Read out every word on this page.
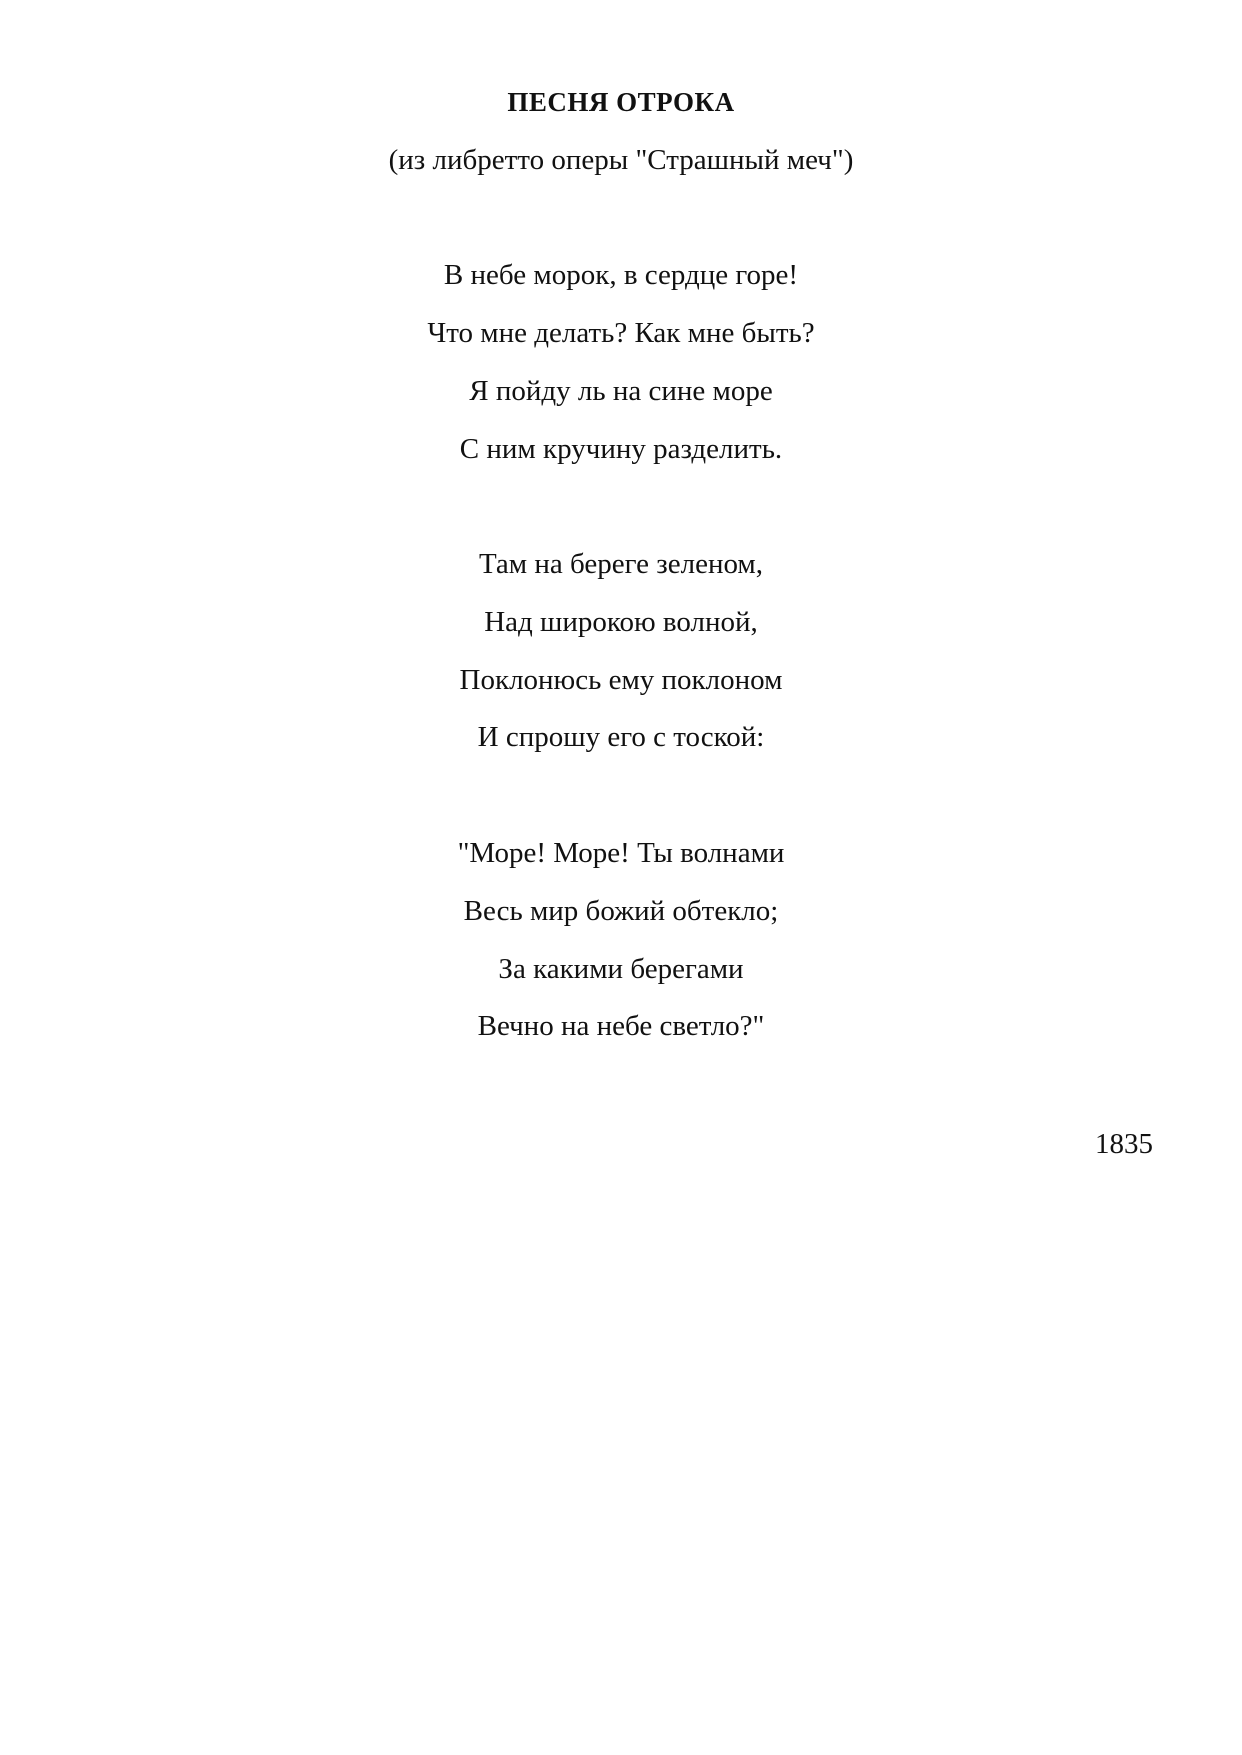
ПЕСНЯ ОТРОКА
(из либретто оперы "Страшный меч")
В небе морок, в сердце горе!
Что мне делать? Как мне быть?
Я пойду ль на сине море
С ним кручину разделить.
Там на береге зеленом,
Над широкою волной,
Поклонюсь ему поклоном
И спрошу его с тоской:
"Море! Море! Ты волнами
Весь мир божий обтекло;
За какими берегами
Вечно на небе светло?"
1835
